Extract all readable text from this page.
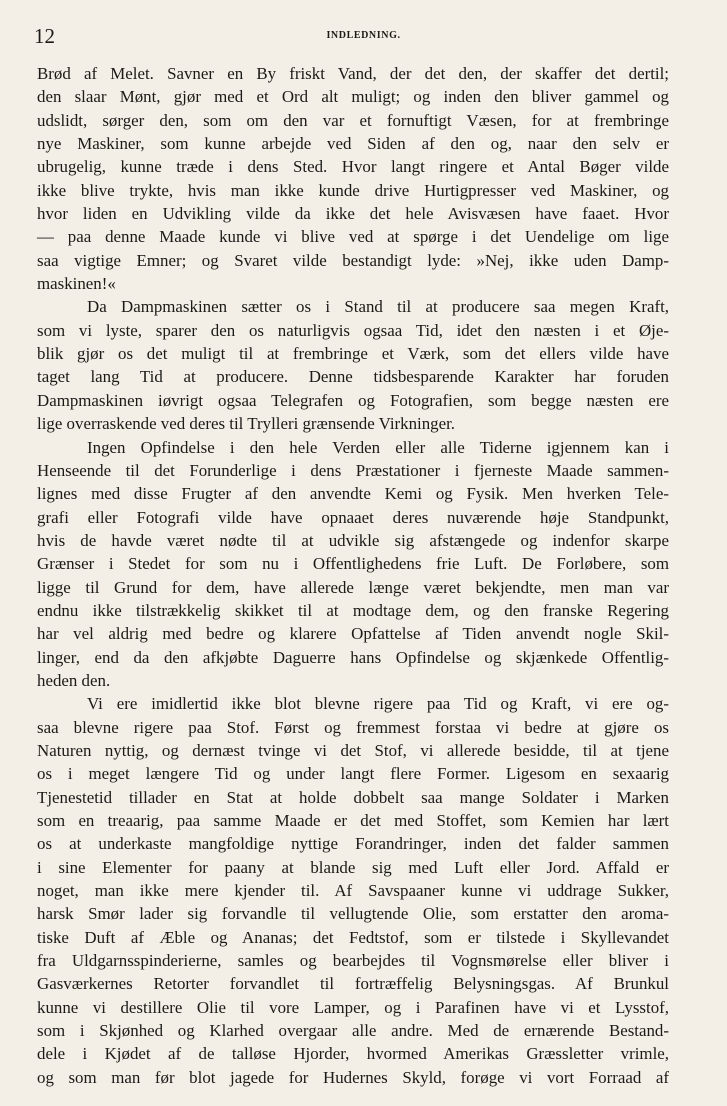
12	INDLEDNING.
Brød af Melet. Savner en By friskt Vand, der det den, der skaffer det dertil;
den slaar Mønt, gjør med et Ord alt muligt; og inden den bliver gammel og
udslidt, sørger den, som om den var et fornuftigt Væsen, for at frembringe
nye Maskiner, som kunne arbejde ved Siden af den og, naar den selv er
ubrugelig, kunne træde i dens Sted. Hvor langt ringere et Antal Bøger vilde
ikke blive trykte, hvis man ikke kunde drive Hurtigpresser ved Maskiner, og
hvor liden en Udvikling vilde da ikke det hele Avisvæsen have faaet. Hvor
— paa denne Maade kunde vi blive ved at spørge i det Uendelige om lige
saa vigtige Emner; og Svaret vilde bestandigt lyde: »Nej, ikke uden Damp-
maskinen!«
Da Dampmaskinen sætter os i Stand til at producere saa megen Kraft,
som vi lyste, sparer den os naturligvis ogsaa Tid, idet den næsten i et Øje-
blik gjør os det muligt til at frembringe et Værk, som det ellers vilde have
taget lang Tid at producere. Denne tidsbesparende Karakter har foruden
Dampmaskinen iøvrigt ogsaa Telegrafen og Fotografien, som begge næsten ere
lige overraskende ved deres til Trylleri grænsende Virkninger.
Ingen Opfindelse i den hele Verden eller alle Tiderne igjennem kan i
Henseende til det Forunderlige i dens Præstationer i fjerneste Maade sammen-
lignes med disse Frugter af den anvendte Kemi og Fysik. Men hverken Tele-
grafi eller Fotografi vilde have opnaaet deres nuværende høje Standpunkt,
hvis de havde været nødte til at udvikle sig afstængede og indenfor skarpe
Grænser i Stedet for som nu i Offentlighedens frie Luft. De Forløbere, som
ligge til Grund for dem, have allerede længe været bekjendte, men man var
endnu ikke tilstrækkelig skikket til at modtage dem, og den franske Regering
har vel aldrig med bedre og klarere Opfattelse af Tiden anvendt nogle Skil-
linger, end da den afkjøbte Daguerre hans Opfindelse og skjænkede Offentlig-
heden den.
Vi ere imidlertid ikke blot blevne rigere paa Tid og Kraft, vi ere og-
saa blevne rigere paa Stof. Først og fremmest forstaa vi bedre at gjøre os
Naturen nyttig, og dernæst tvinge vi det Stof, vi allerede besidde, til at tjene
os i meget længere Tid og under langt flere Former. Ligesom en sexaarig
Tjenestetid tillader en Stat at holde dobbelt saa mange Soldater i Marken
som en treaarig, paa samme Maade er det med Stoffet, som Kemien har lært
os at underkaste mangfoldige nyttige Forandringer, inden det falder sammen
i sine Elementer for paany at blande sig med Luft eller Jord. Affald er
noget, man ikke mere kjender til. Af Savspaaner kunne vi uddrage Sukker,
harsk Smør lader sig forvandle til vellugtende Olie, som erstatter den aroma-
tiske Duft af Æble og Ananas; det Fedtstof, som er tilstede i Skyllevandet
fra Uldgarnsspinderierne, samles og bearbejdes til Vognsmørelse eller bliver i
Gasværkernes Retorter forvandlet til fortræffelig Belysningsgas. Af Brunkul
kunne vi destillere Olie til vore Lamper, og i Parafinen have vi et Lysstof,
som i Skjønhed og Klarhed overgaar alle andre. Med de ernærende Bestand-
dele i Kjødet af de talløse Hjorder, hvormed Amerikas Græssletter vrimle,
og som man før blot jagede for Hudernes Skyld, forøge vi vort Forraad af
